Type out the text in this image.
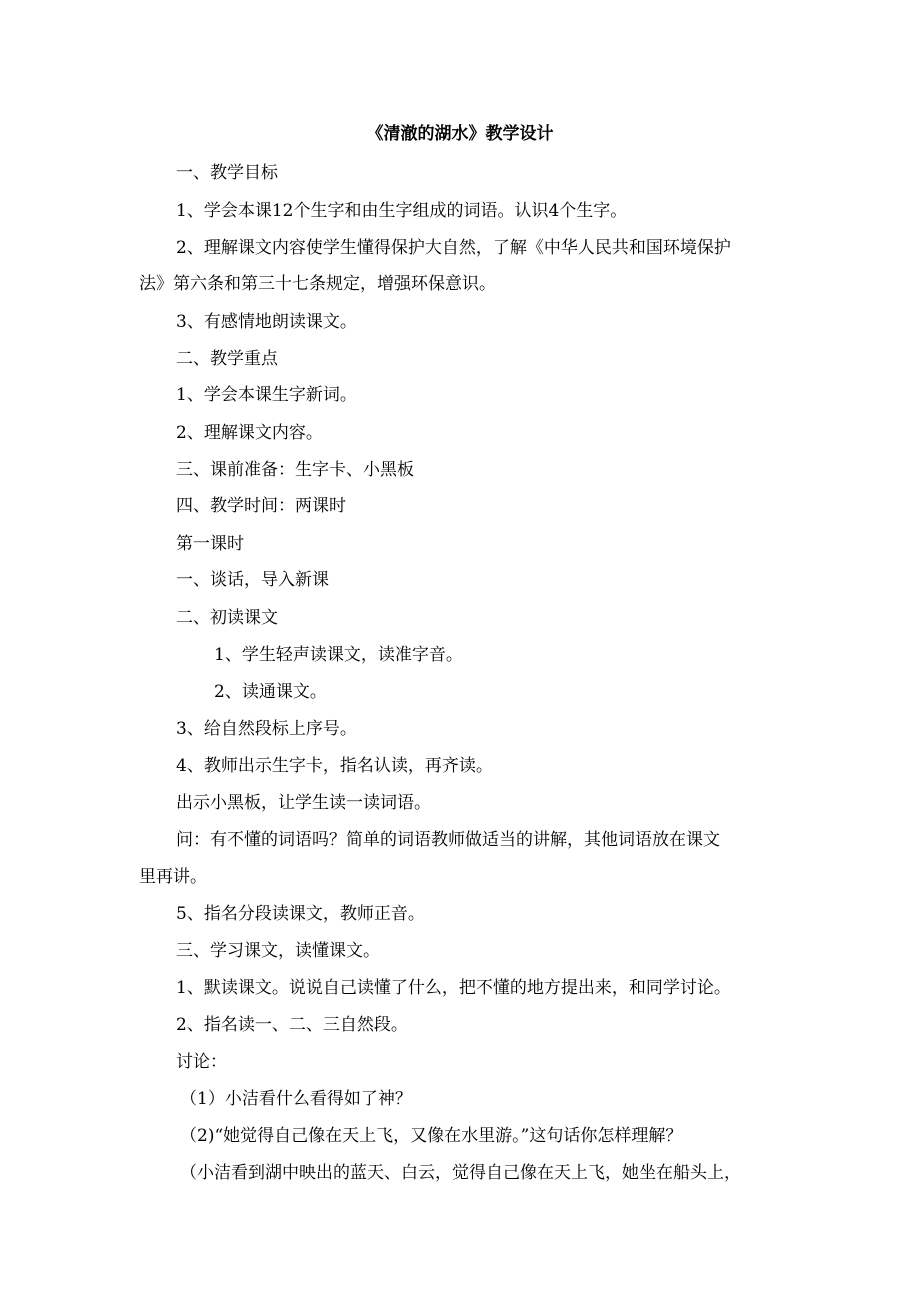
《清澈的湖水》教学设计
一、教学目标
1、学会本课12个生字和由生字组成的词语。认识4个生字。
2、理解课文内容使学生懂得保护大自然，了解《中华人民共和国环境保护
法》第六条和第三十七条规定，增强环保意识。
3、有感情地朗读课文。
二、教学重点
1、学会本课生字新词。
2、理解课文内容。
三、课前准备：生字卡、小黑板
四、教学时间：两课时
第一课时
一、谈话，导入新课
二、初读课文
1、学生轻声读课文，读准字音。
2、读通课文。
3、给自然段标上序号。
4、教师出示生字卡，指名认读，再齐读。
出示小黑板，让学生读一读词语。
问：有不懂的词语吗？简单的词语教师做适当的讲解，其他词语放在课文
里再讲。
5、指名分段读课文，教师正音。
三、学习课文，读懂课文。
1、默读课文。说说自己读懂了什么，把不懂的地方提出来，和同学讨论。
2、指名读一、二、三自然段。
讨论：
（1）小洁看什么看得如了神？
（2)“她觉得自己像在天上飞，又像在水里游。”这句话你怎样理解？
（小洁看到湖中映出的蓝天、白云，觉得自己像在天上飞，她坐在船头上，
